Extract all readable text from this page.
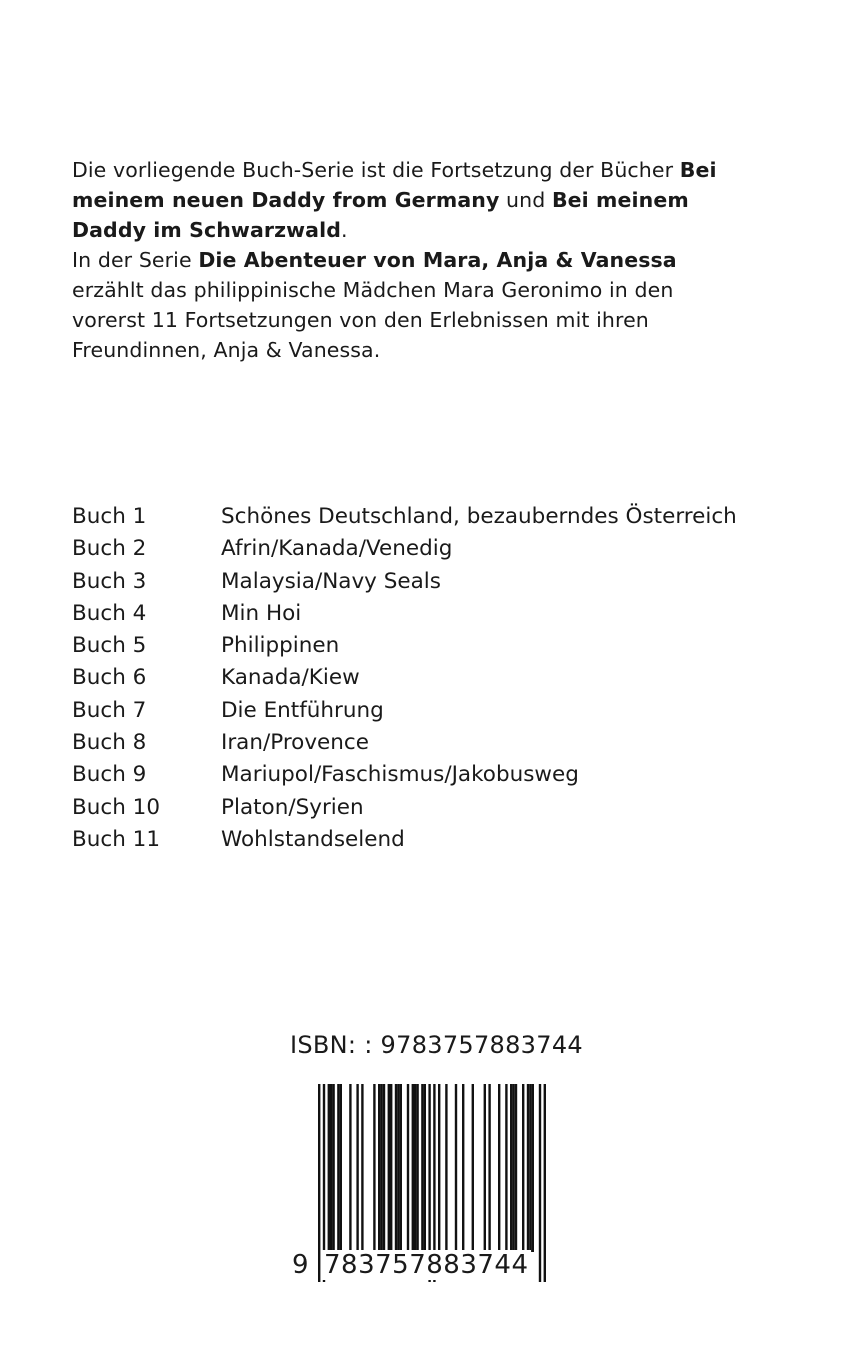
Die vorliegende Buch-Serie ist die Fortsetzung der Bücher Bei meinem neuen Daddy from Germany und Bei meinem Daddy im Schwarzwald.

In der Serie Die Abenteuer von Mara, Anja & Vanessa erzählt das philippinische Mädchen Mara Geronimo in den vorerst 11 Fortsetzungen von den Erlebnissen mit ihren Freundinnen, Anja & Vanessa.

Buch 1	Schönes Deutschland, bezauberndes Österreich
Buch 2	Afrin/Kanada/Venedig
Buch 3	Malaysia/Navy Seals
Buch 4	Min Hoi
Buch 5	Philippinen
Buch 6	Kanada/Kiew
Buch 7	Die Entführung
Buch 8	Iran/Provence
Buch 9	Mariupol/Faschismus/Jakobusweg
Buch 10	Platon/Syrien
Buch 11	Wohlstandselend
ISBN: : 9783757883744
9 783757883744
